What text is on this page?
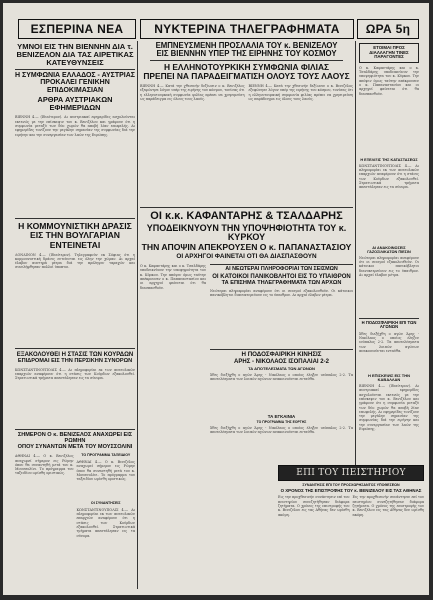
ΕΣΠΕΡΙΝΑ ΝΕΑ	ΝΥΚΤΕΡΙΝΑ ΤΗΛΕΓΡΑΦΗΜΑΤΑ ΩΡΑ 5η
ΥΜΝΟΙ ΕΙΣ ΤΗΝ ΒΙΕΝΝΗΝ ΔΙΑ τ. ΒΕΝΙΖΕΛΟΝ ΔΙΑ ΤΑΣ ΑΙΡΕΤΙΚΑΣ ΚΑΤΕΥΘΥΝΣΕΙΣ
Η ΣΥΜΦΩΝΙΑ ΕΛΛΑΔΟΣ - ΑΥΣΤΡΙΑΣ ΠΡΟΚΑΛΕΙ ΓΕΝΙΚΗΝ ΕΠΙΔΟΚΙΜΑΣΙΑΝ
ΑΡΘΡΑ ΑΥΣΤΡΙΑΚΩΝ ΕΦΗΜΕΡΙΔΩΝ
ΒΙΕΝΝΗ 4.— (Ιδιαίτερον). Αι αυστριακαί εφημερίδες ασχολούνται εκτενώς με την επίσκεψιν του κ. Βενιζέλου και γράφουν ότι η συμφωνία μεταξύ των δύο χωρών θα αποβή λίαν επωφελής. Αι εφημερίδες τονίζουν την μεγάλην σημασίαν της συμφωνίας διά την ειρήνην και την συνεργασίαν των λαών της Ευρώπης.
Η ΚΟΜΜΟΥΝΙΣΤΙΚΗ ΔΡΑΣΙΣ ΕΙΣ ΤΗΝ ΒΟΥΛΓΑΡΙΑΝ ΕΝΤΕΙΝΕΤΑΙ
ΛΟΝΔΙΝΟΝ 4.— (Ιδιαίτερον). Τηλεγραφούν εκ Σόφιας ότι η κομμουνιστική δράσις εντείνεται εις όλην την χώραν. Αι αρχαί έλαβον αυστηρά μέτρα διά την πρόληψιν ταραχών και συνελήφθησαν πολλοί ύποπτοι.
ΕΞΑΚΟΛΟΥΘΕΙ Η ΣΤΑΣΙΣ ΤΩΝ ΚΟΥΡΔΩΝ
ΕΠΙΔΡΟΜΑΙ ΕΙΣ ΤΗΝ ΠΕΡΣΙΚΗΝ ΣΥΝΟΡΩΝ
ΚΩΝΣΤΑΝΤΙΝΟΥΠΟΛΙΣ 4.— Αι πληροφορίαι εκ των ανατολικών επαρχιών αναφέρουν ότι η στάσις των Κούρδων εξακολουθεί. Στρατιωτικά τμήματα απεστάλησαν εις τα σύνορα.
ΣΗΜΕΡΟΝ Ο κ. ΒΕΝΙΖΕΛΟΣ ΑΝΑΧΩΡΕΙ ΕΙΣ ΡΩΜΗΝ
ΟΠΟΥ ΣΥΝΑΝΤΩΝ ΜΕΤΑ ΤΟΥ ΜΟΥΣΣΟΛΙΝΙ
ΑΘΗΝΑΙ 4.— Ο κ. Βενιζέλος αναχωρεί σήμερον εις Ρώμην όπου θα συναντηθή μετά του κ. Μουσσολίνι. Το πρόγραμμα του ταξειδίου ωρίσθη οριστικώς.
ΤΟ ΠΡΟΓΡΑΜΜΑ ΤΑΞΕΙΔΙΟΥ
ΑΘΗΝΑΙ 4.— Ο κ. Βενιζέλος αναχωρεί σήμερον εις Ρώμην όπου θα συναντηθή μετά του κ. Μουσσολίνι. Το πρόγραμμα του ταξειδίου ωρίσθη οριστικώς.
ΟΙ ΣΥΝΑΝΤΗΣΕΙΣ
ΚΩΝΣΤΑΝΤΙΝΟΥΠΟΛΙΣ 4.— Αι πληροφορίαι εκ των ανατολικών επαρχιών αναφέρουν ότι η στάσις των Κούρδων εξακολουθεί. Στρατιωτικά τμήματα απεστάλησαν εις τα σύνορα.
ΕΜΠΝΕΥΣΜΕΝΗ ΠΡΟΣΛΑΛΙΑ ΤΟΥ κ. ΒΕΝΙΖΕΛΟΥ
ΕΙΣ ΒΙΕΝΝΗΝ ΥΠΕΡ ΤΗΣ ΕΙΡΗΝΗΣ ΤΟΥ ΚΟΣΜΟΥ
Η ΕΛΛΗΝΟΤΟΥΡΚΙΚΗ ΣΥΜΦΩΝΙΑ ΦΙΛΙΑΣ
ΠΡΕΠΕΙ ΝΑ ΠΑΡΑΔΕΙΓΜΑΤΙΣΗ ΟΛΟΥΣ ΤΟΥΣ ΛΑΟΥΣ
ΒΙΕΝΝΗ 4.— Κατά την χθεσινήν δεξίωσιν ο κ. Βενιζέλος εξεφώνησε λόγον υπέρ της ειρήνης του κόσμου, τονίσας ότι η ελληνοτουρκική συμφωνία φιλίας πρέπει να χρησιμεύση ως παράδειγμα εις όλους τους λαούς.
ΒΙΕΝΝΗ 4.— Κατά την χθεσινήν δεξίωσιν ο κ. Βενιζέλος εξεφώνησε λόγον υπέρ της ειρήνης του κόσμου, τονίσας ότι η ελληνοτουρκική συμφωνία φιλίας πρέπει να χρησιμεύση ως παράδειγμα εις όλους τους λαούς.
ΟΙ κ.κ. ΚΑΦΑΝΤΑΡΗΣ & ΤΣΑΛΔΑΡΗΣ
ΥΠΟΔΕΙΚΝΥΟΥΝ ΤΗΝ ΥΠΟΨΗΦΙΟΤΗΤΑ ΤΟΥ κ. ΚΥΡΚΟΥ
ΤΗΝ ΑΠΟΨΙΝ ΑΠΕΚΡΟΥΣΕΝ Ο κ. ΠΑΠΑΝΑΣΤΑΣΙΟΥ
ΟΙ ΑΡΧΗΓΟΙ ΦΑΙΝΕΤΑΙ ΟΤΙ ΘΑ ΔΙΑΣΠΑΣΘΟΥΝ
Ο κ. Καφαντάρης και ο κ. Τσαλδάρης υποδεικνύουν την υποψηφιότητα του κ. Κύρκου. Την απόψιν όμως ταύτην απέκρουσεν ο κ. Παπαναστασίου και οι αρχηγοί φαίνεται ότι θα διασπασθούν.
ΑΙ ΝΕΩΤΕΡΑΙ ΠΛΗΡΟΦΟΡΙΑΙ ΤΩΝ ΣΕΙΣΜΩΝ
ΟΙ ΚΑΤΟΙΚΟΙ ΠΑΝΙΚΟΒΛΗΤΟΙ ΕΙΣ ΤΟ ΥΠΑΙΘΡΟΝ
ΤΑ ΕΠΙΣΗΜΑ ΤΗΛΕΓΡΑΦΗΜΑΤΑ ΤΩΝ ΑΡΧΩΝ
Νεώτεραι πληροφορίαι αναφέρουν ότι οι σεισμοί εξακολουθούν. Οι κάτοικοι πανικόβλητοι διανυκτερεύουν εις το ύπαιθρον. Αι αρχαί έλαβον μέτρα.
Η ΠΟΔΟΣΦΑΙΡΙΚΗ ΚΙΝΗΣΙΣ
ΑΡΗΣ - ΝΙΚΟΛΑΟΣ ΙΣΟΠΑΛΙΑΙ 2-2
ΤΑ ΑΠΟΤΕΛΕΣΜΑΤΑ ΤΩΝ ΑΓΩΝΩΝ
Χθες διεξήχθη ο αγών Άρης - Νικόλαος ο οποίος έληξεν ισόπαλος 2-2. Τα αποτελέσματα των λοιπών αγώνων ανακοινούνται ενταύθα.
ΤΑ ΕΓΚΑΙΝΙΑ
ΤΟ ΠΡΟΓΡΑΜΜΑ ΤΗΣ ΕΟΡΤΗΣ
Χθες διεξήχθη ο αγών Άρης - Νικόλαος ο οποίος έληξεν ισόπαλος 2-2. Τα αποτελέσματα των λοιπών αγώνων ανακοινούνται ενταύθα.
ΕΤΟΙΜΑΙ ΠΡΟΣ ΔΙΑΛΛΑΓΗΝ ΤΙΝΕΣ ΠΑΡΑΓΟΝΤΕΣ
Ο κ. Καφαντάρης και ο κ. Τσαλδάρης υποδεικνύουν την υποψηφιότητα του κ. Κύρκου. Την απόψιν όμως ταύτην απέκρουσεν ο κ. Παπαναστασίου και οι αρχηγοί φαίνεται ότι θα διασπασθούν.
Η ΕΞΕΛΙΞΙΣ ΤΗΣ ΚΑΤΑΣΤΑΣΕΩΣ
ΚΩΝΣΤΑΝΤΙΝΟΥΠΟΛΙΣ 4.— Αι πληροφορίαι εκ των ανατολικών επαρχιών αναφέρουν ότι η στάσις των Κούρδων εξακολουθεί. Στρατιωτικά τμήματα απεστάλησαν εις τα σύνορα.
ΑΙ ΑΝΑΚΟΙΝΩΣΕΙΣ ΓΑΖΟΣΙΛΙΚΑΤΩΝ ΠΙΕΣΙΝ
Νεώτεραι πληροφορίαι αναφέρουν ότι οι σεισμοί εξακολουθούν. Οι κάτοικοι πανικόβλητοι διανυκτερεύουν εις το ύπαιθρον. Αι αρχαί έλαβον μέτρα.
Η ΠΟΔΟΣΦΑΙΡΙΚΗ ΕΠΙ ΤΩΝ ΑΓΩΝΩΝ
Χθες διεξήχθη ο αγών Άρης - Νικόλαος ο οποίος έληξεν ισόπαλος 2-2. Τα αποτελέσματα των λοιπών αγώνων ανακοινούνται ενταύθα.
Η ΕΠΙΣΚΕΨΙΣ ΕΙΣ ΤΗΝ ΚΑΒΑΛΛΑΝ
ΒΙΕΝΝΗ 4.— (Ιδιαίτερον). Αι αυστριακαί εφημερίδες ασχολούνται εκτενώς με την επίσκεψιν του κ. Βενιζέλου και γράφουν ότι η συμφωνία μεταξύ των δύο χωρών θα αποβή λίαν επωφελής. Αι εφημερίδες τονίζουν την μεγάλην σημασίαν της συμφωνίας διά την ειρήνην και την συνεργασίαν των λαών της Ευρώπης.
ΕΠΙ ΤΟΥ ΠΕΙΣΤΗΡΙΟΥ
ΣΥΝΑΝΤΗΣΙΣ ΕΠΙ ΤΟΥ ΠΡΟΣΧΩΡΗΣΑΝΤΟΣ ΥΠΟΘΕΣΕΩΝ
Ο ΧΡΟΝΟΣ ΤΗΣ ΕΠΙΣΤΡΟΦΗΣ ΤΟΥ κ. ΒΕΝΙΖΕΛΟΥ ΕΙΣ ΤΑΣ ΑΘΗΝΑΣ
Εις την προχθεσινήν συνάντησιν επί του πειστηρίου συνεζητήθησαν διάφορα ζητήματα. Ο χρόνος της επιστροφής του κ. Βενιζέλου εις τας Αθήνας δεν ωρίσθη ακόμη.
Εις την προχθεσινήν συνάντησιν επί του πειστηρίου συνεζητήθησαν διάφορα ζητήματα. Ο χρόνος της επιστροφής του κ. Βενιζέλου εις τας Αθήνας δεν ωρίσθη ακόμη.
